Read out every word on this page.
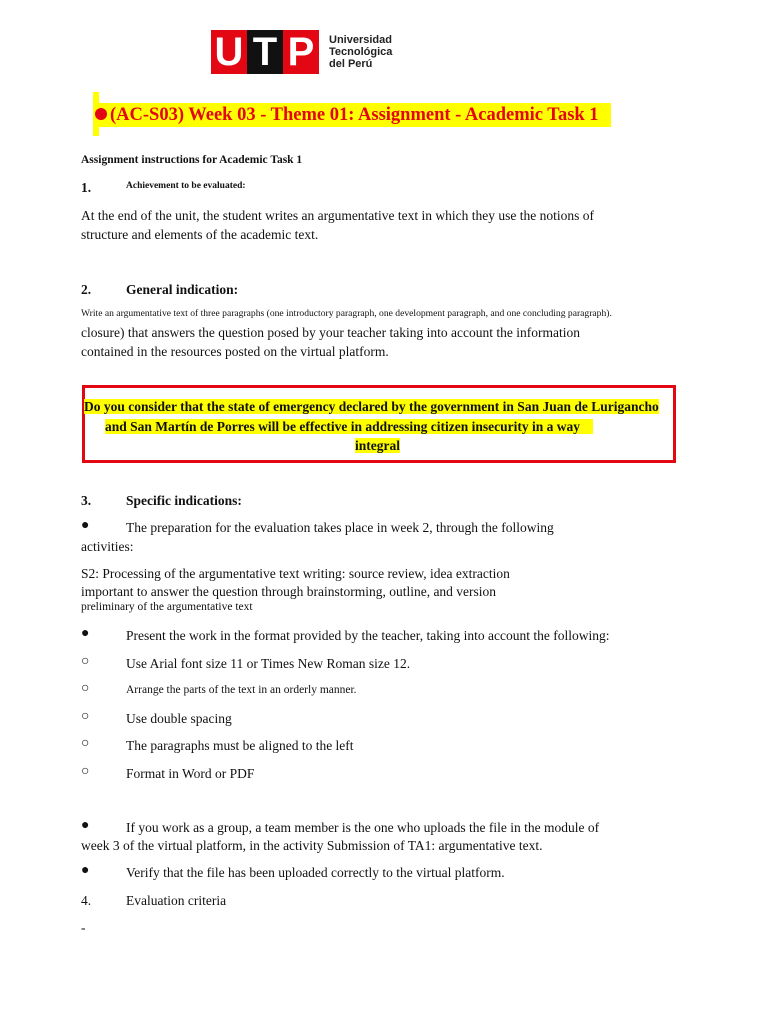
U T P	Universidad
Tecnológica
del Perú
(AC-S03) Week 03 - Theme 01: Assignment - Academic Task 1
Assignment instructions for Academic Task 1
1.	Achievement to be evaluated:
At the end of the unit, the student writes an argumentative text in which they use the notions of
structure and elements of the academic text.
2.	General indication:
Write an argumentative text of three paragraphs (one introductory paragraph, one development paragraph, and one concluding paragraph).
closure) that answers the question posed by your teacher taking into account the information
contained in the resources posted on the virtual platform.
Do you consider that the state of emergency declared by the government in San Juan de Lurigancho
and San Martín de Porres will be effective in addressing citizen insecurity in a way
integral
3.	Specific indications:
●	The preparation for the evaluation takes place in week 2, through the following
activities:
S2: Processing of the argumentative text writing: source review, idea extraction
important to answer the question through brainstorming, outline, and version
preliminary of the argumentative text
●	Present the work in the format provided by the teacher, taking into account the following:
○	Use Arial font size 11 or Times New Roman size 12.
○	Arrange the parts of the text in an orderly manner.
○	Use double spacing
○	The paragraphs must be aligned to the left
○	Format in Word or PDF
●	If you work as a group, a team member is the one who uploads the file in the module of
week 3 of the virtual platform, in the activity Submission of TA1: argumentative text.
●	Verify that the file has been uploaded correctly to the virtual platform.
4.	Evaluation criteria
-
